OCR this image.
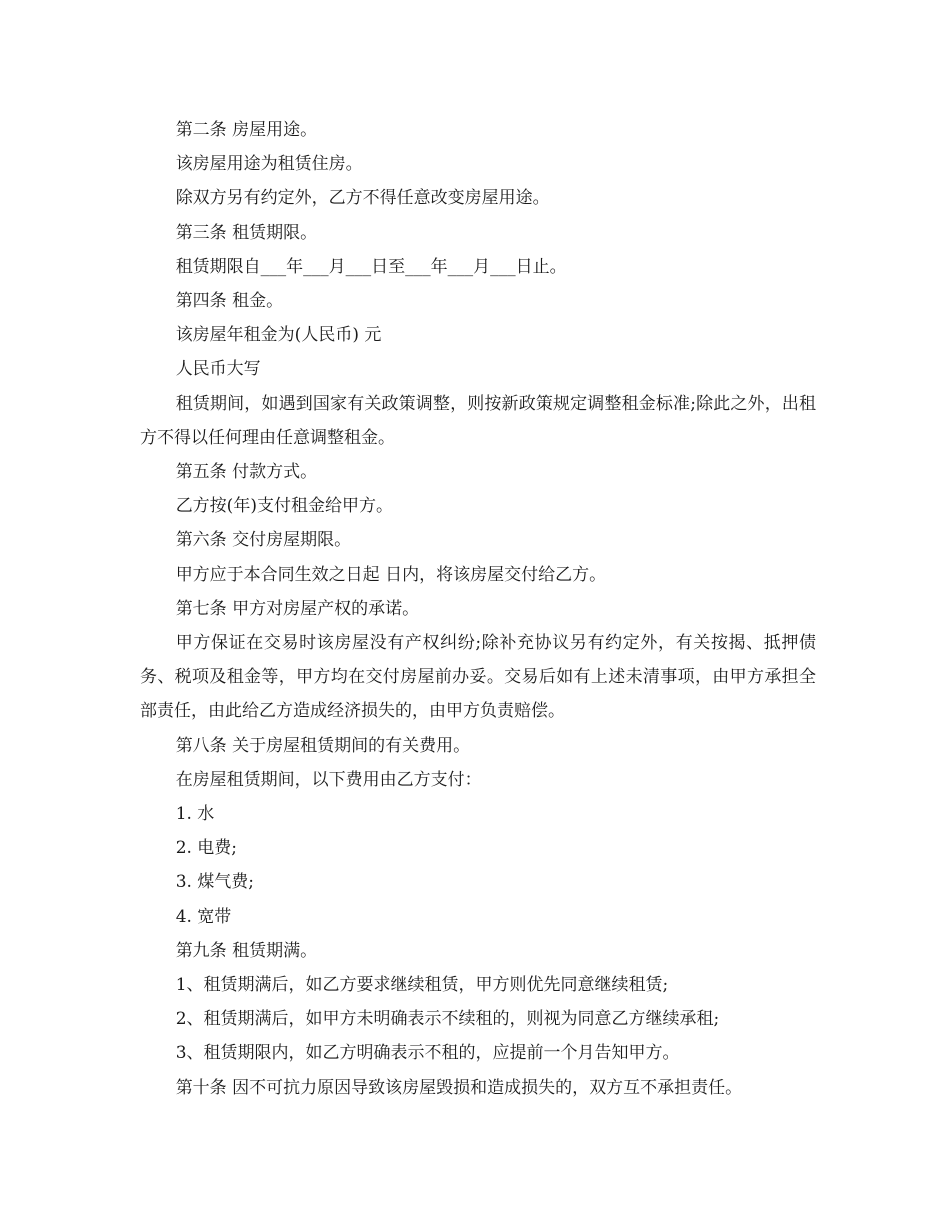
第二条 房屋用途。

该房屋用途为租赁住房。

除双方另有约定外，乙方不得任意改变房屋用途。

第三条 租赁期限。

租赁期限自___年___月___日至___年___月___日止。

第四条 租金。

该房屋年租金为(人民币) 元

人民币大写

租赁期间，如遇到国家有关政策调整，则按新政策规定调整租金标准;除此之外，出租方不得以任何理由任意调整租金。

第五条 付款方式。

乙方按(年)支付租金给甲方。

第六条 交付房屋期限。

甲方应于本合同生效之日起 日内，将该房屋交付给乙方。

第七条 甲方对房屋产权的承诺。

甲方保证在交易时该房屋没有产权纠纷;除补充协议另有约定外，有关按揭、抵押债务、税项及租金等，甲方均在交付房屋前办妥。交易后如有上述未清事项，由甲方承担全部责任，由此给乙方造成经济损失的，由甲方负责赔偿。

第八条 关于房屋租赁期间的有关费用。

在房屋租赁期间，以下费用由乙方支付：

1. 水

2. 电费;

3. 煤气费;

4. 宽带

第九条 租赁期满。

1、租赁期满后，如乙方要求继续租赁，甲方则优先同意继续租赁;

2、租赁期满后，如甲方未明确表示不续租的，则视为同意乙方继续承租;

3、租赁期限内，如乙方明确表示不租的，应提前一个月告知甲方。

第十条 因不可抗力原因导致该房屋毁损和造成损失的，双方互不承担责任。
